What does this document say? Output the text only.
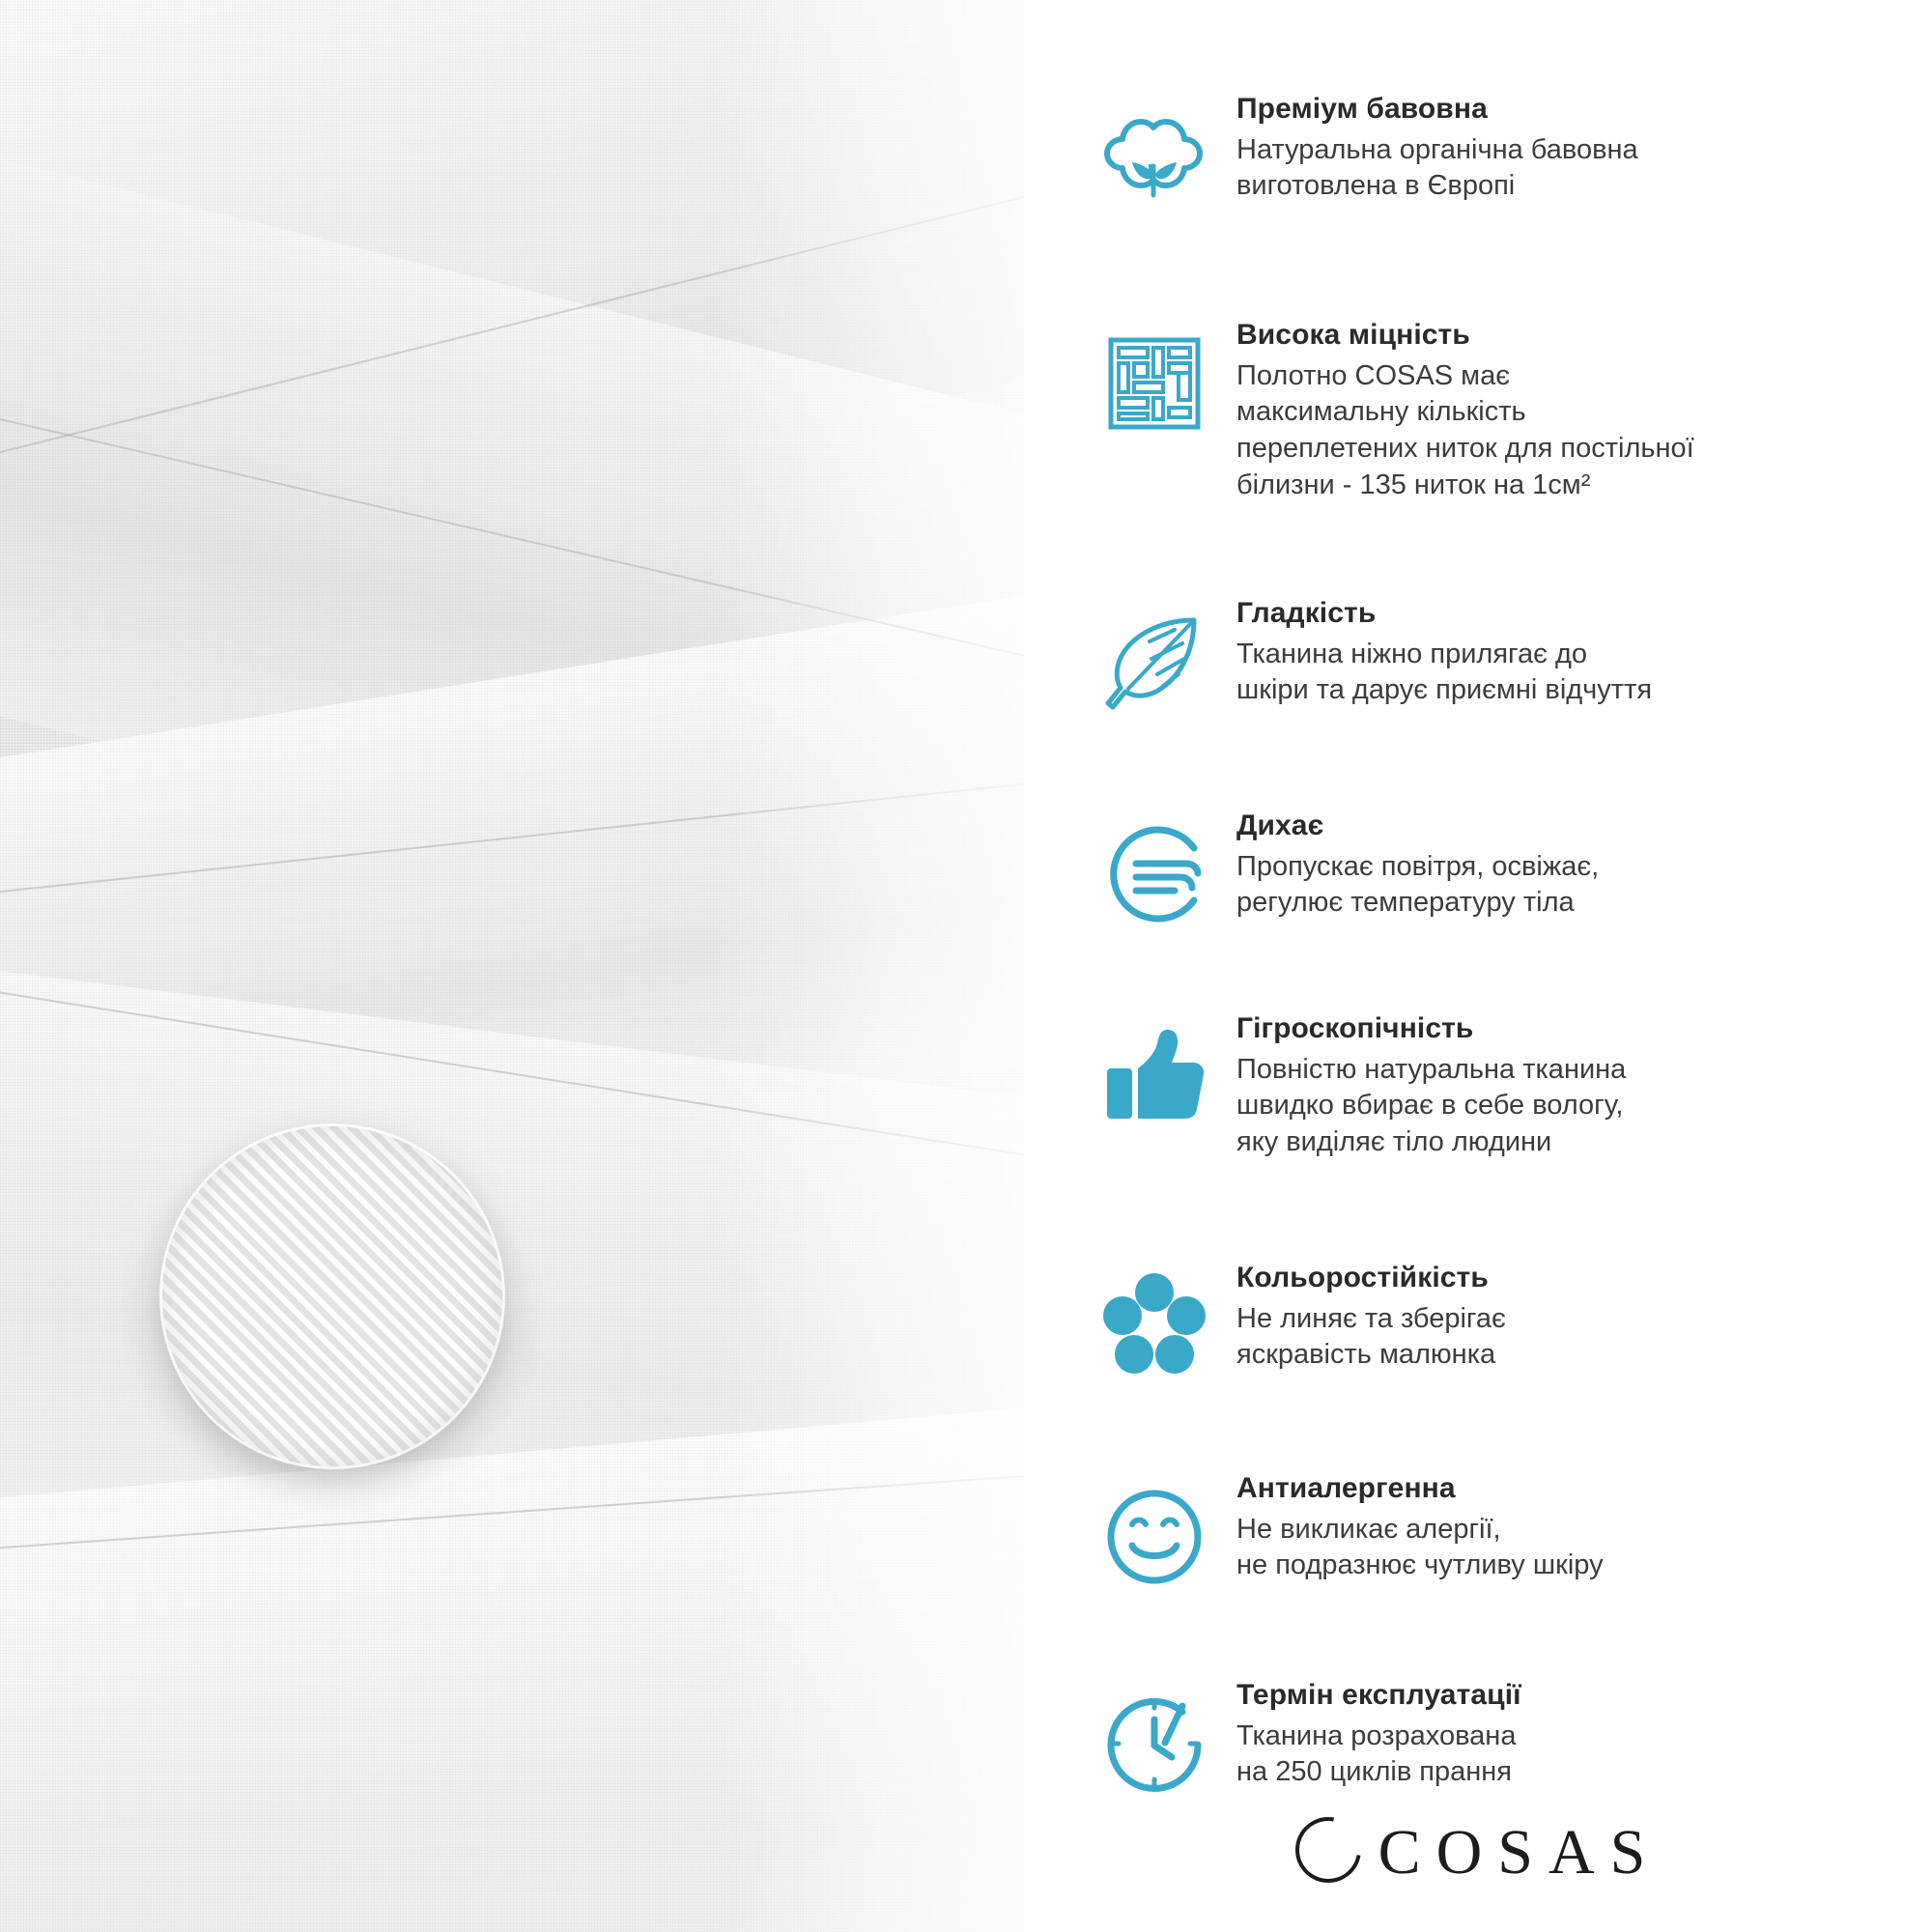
Преміум бавовна

Натуральна органічна бавовна

виготовлена в Європі

Висока міцність

Полотно COSAS має

максимальну кількість

переплетених ниток для постільної

білизни - 135 ниток на 1см²

Гладкість

Тканина ніжно прилягає до

шкіри та дарує приємні відчуття

Дихає

Пропускає повітря, освіжає,

регулює температуру тіла

Гігроскопічність

Повністю натуральна тканина

швидко вбирає в себе вологу,

яку виділяє тіло людини

Кольоростійкість

Не линяє та зберігає

яскравість малюнка

Антиалергенна

Не викликає алергії,

не подразнює чутливу шкіру

Термін експлуатації

Тканина розрахована

на 250 циклів прання

COSAS
